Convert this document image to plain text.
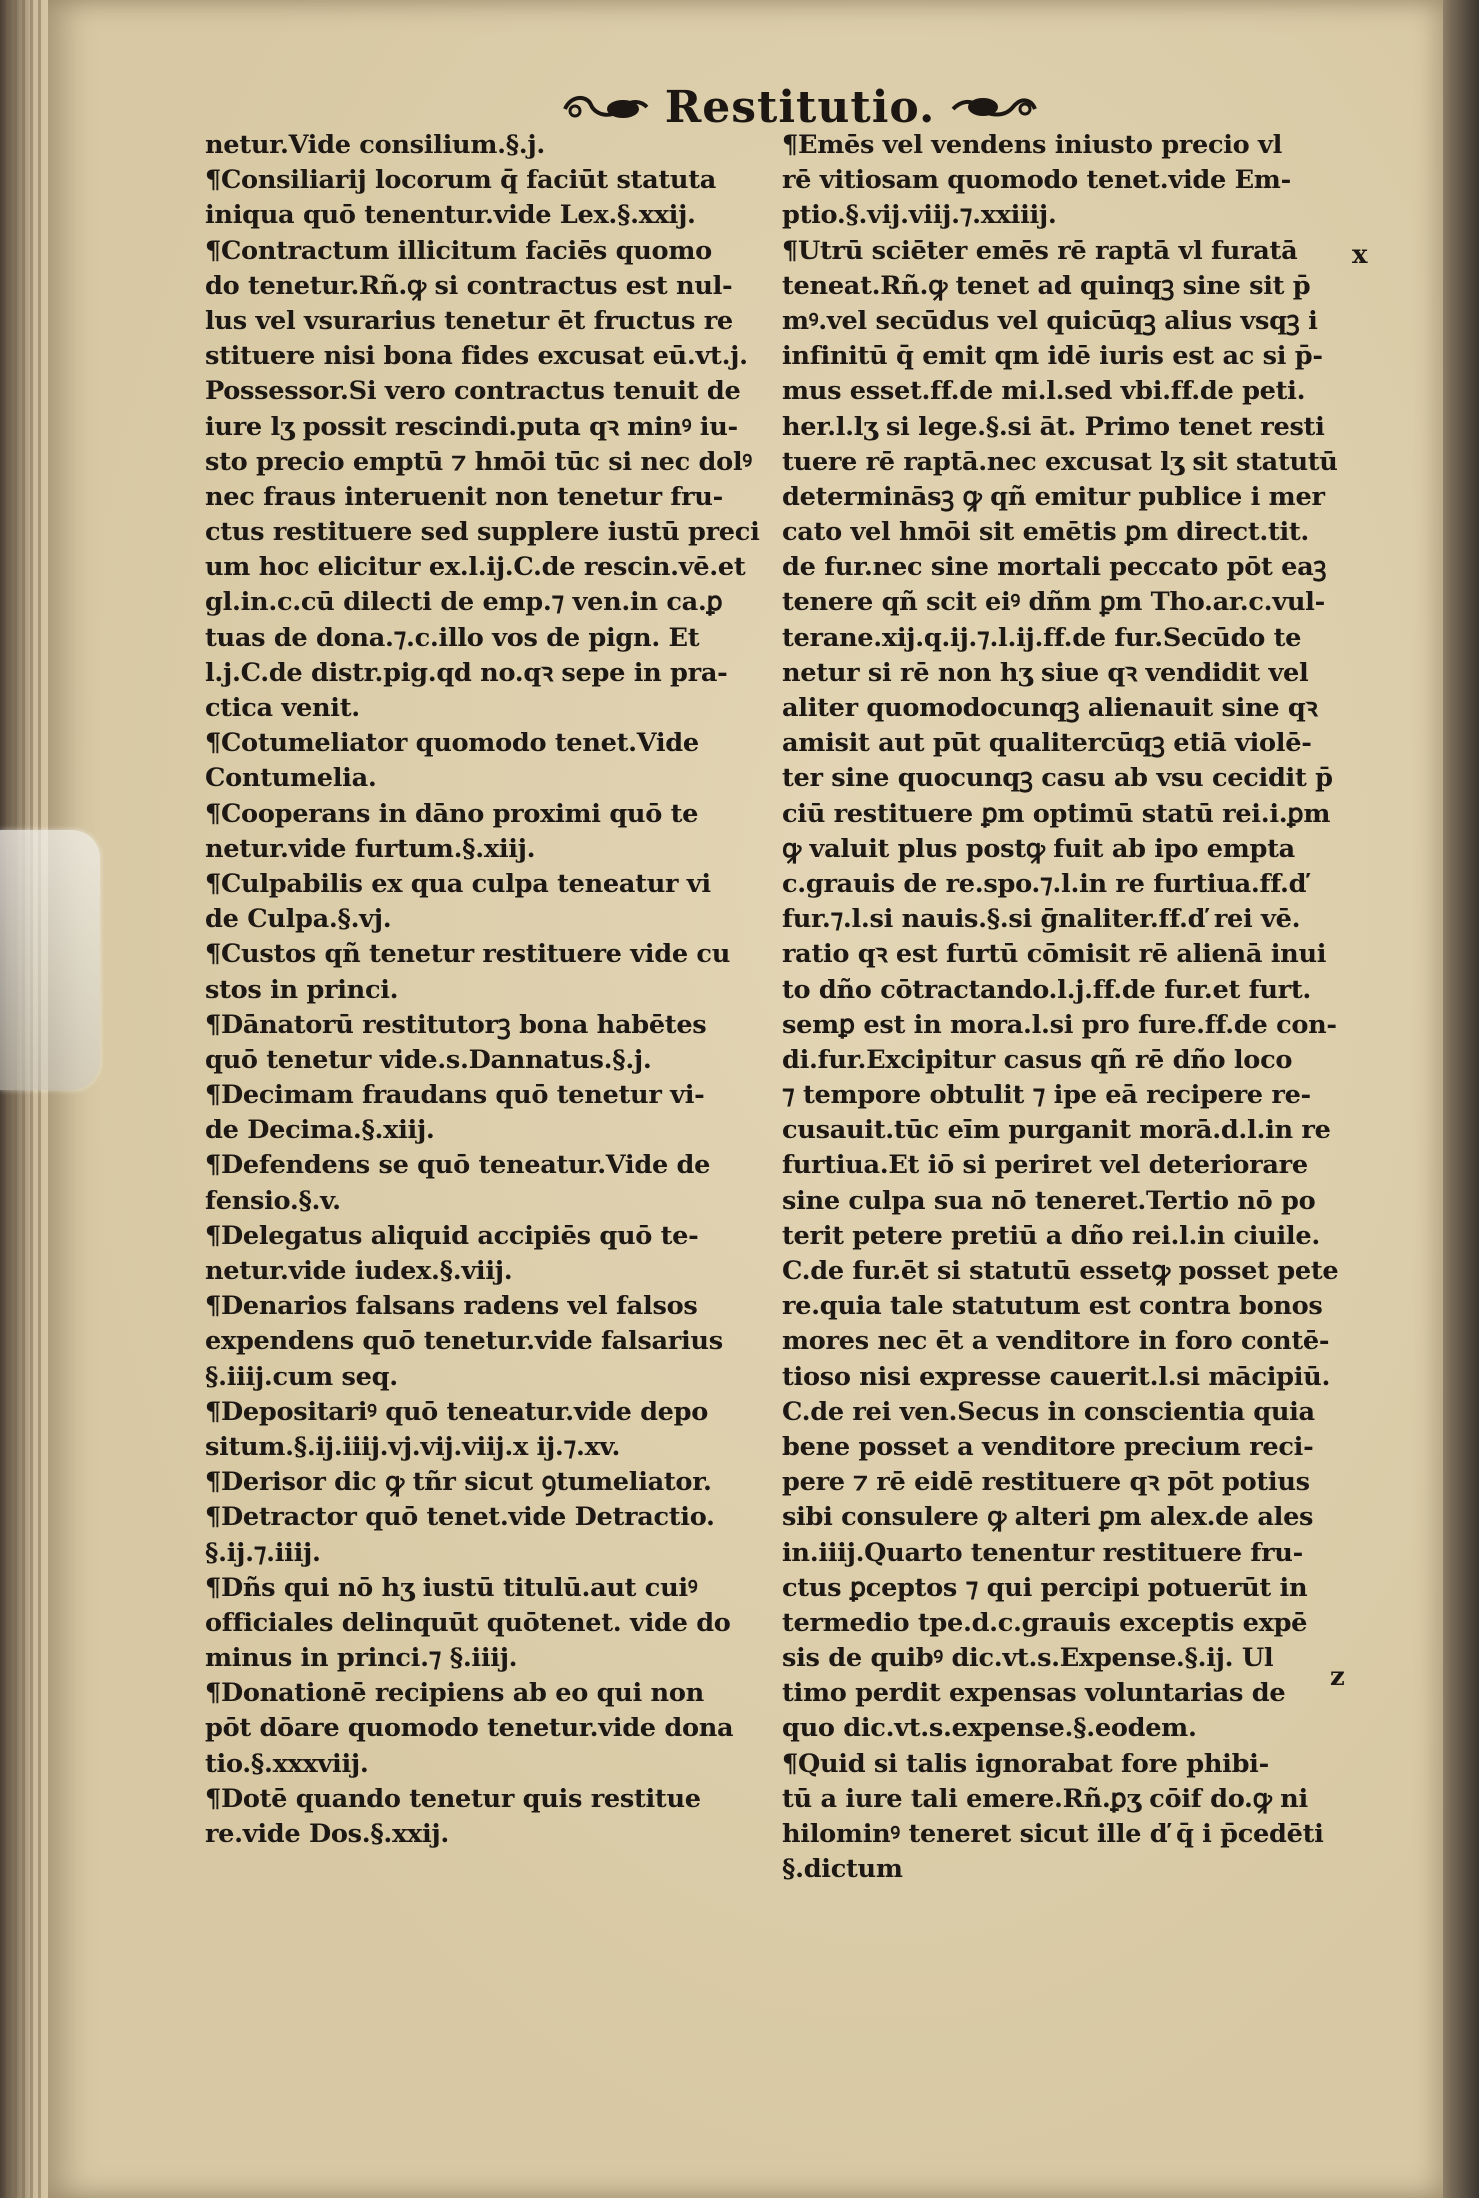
Restitutio.
netur.Vide consilium.§.j.
¶Consiliarij locorum q̄ faciūt statuta
iniqua quō tenentur.vide Lex.§.xxij.
¶Contractum illicitum faciēs quomo
do tenetur.Rñ.ꝙ si contractus est nul-
lus vel vsurarius tenetur ēt fructus re
stituere nisi bona fides excusat eū.vt.j.
Possessor.Si vero contractus tenuit de
iure lʒ possit rescindi.puta qꝛ minꝰ iu-
sto precio emptū ⁊ hmōi tūc si nec dolꝰ
nec fraus interuenit non tenetur fru-
ctus restituere sed supplere iustū preci
um hoc elicitur ex.l.ij.C.de rescin.vē.et
gl.in.c.cū dilecti de emp.⁊ ven.in ca.ꝑ
tuas de dona.⁊.c.illo vos de pign. Et
l.j.C.de distr.pig.qd no.qꝛ sepe in pra-
ctica venit.
¶Cotumeliator quomodo tenet.Vide
Contumelia.
¶Cooperans in dāno proximi quō te
netur.vide furtum.§.xiij.
¶Culpabilis ex qua culpa teneatur vi
de Culpa.§.vj.
¶Custos qñ tenetur restituere vide cu
stos in princi.
¶Dānatorū restitutorꝫ bona habētes
quō tenetur vide.s.Dannatus.§.j.
¶Decimam fraudans quō tenetur vi-
de Decima.§.xiij.
¶Defendens se quō teneatur.Vide de
fensio.§.v.
¶Delegatus aliquid accipiēs quō te-
netur.vide iudex.§.viij.
¶Denarios falsans radens vel falsos
expendens quō tenetur.vide falsarius
§.iiij.cum seq.
¶Depositariꝰ quō teneatur.vide depo
situm.§.ij.iiij.vj.vij.viij.x ij.⁊.xv.
¶Derisor dic ꝙ tñr sicut ꝯtumeliator.
¶Detractor quō tenet.vide Detractio.
§.ij.⁊.iiij.
¶Dñs qui nō hʒ iustū titulū.aut cuiꝰ
officiales delinquūt quōtenet. vide do
minus in princi.⁊ §.iiij.
¶Donationē recipiens ab eo qui non
pōt dōare quomodo tenetur.vide dona
tio.§.xxxviij.
¶Dotē quando tenetur quis restitue
re.vide Dos.§.xxij.
¶Emēs vel vendens iniusto precio vl
rē vitiosam quomodo tenet.vide Em-
ptio.§.vij.viij.⁊.xxiiij.
¶Utrū sciēter emēs rē raptā vl furatā
teneat.Rñ.ꝙ tenet ad quinqꝫ sine sit p̄
mꝰ.vel secūdus vel quicūqꝫ alius vsqꝫ i
infinitū q̄ emit qm idē iuris est ac si p̄-
mus esset.ff.de mi.l.sed vbi.ff.de peti.
her.l.lʒ si lege.§.si āt. Primo tenet resti
tuere rē raptā.nec excusat lʒ sit statutū
determināsꝫ ꝙ qñ emitur publice i mer
cato vel hmōi sit emētis ꝑm direct.tit.
de fur.nec sine mortali peccato pōt eaꝫ
tenere qñ scit eiꝰ dñm ꝑm Tho.ar.c.vul-
terane.xij.q.ij.⁊.l.ij.ff.de fur.Secūdo te
netur si rē non hʒ siue qꝛ vendidit vel
aliter quomodocunqꝫ alienauit sine qꝛ
amisit aut pūt qualitercūqꝫ etiā violē-
ter sine quocunqꝫ casu ab vsu cecidit p̄
ciū restituere ꝑm optimū statū rei.i.ꝑm
ꝙ valuit plus postꝙ fuit ab ipo empta
c.grauis de re.spo.⁊.l.in re furtiua.ff.ď
fur.⁊.l.si nauis.§.si ḡnaliter.ff.ď rei vē.
ratio qꝛ est furtū cōmisit rē alienā inui
to dño cōtractando.l.j.ff.de fur.et furt.
semꝑ est in mora.l.si pro fure.ff.de con-
di.fur.Excipitur casus qñ rē dño loco
⁊ tempore obtulit ⁊ ipe eā recipere re-
cusauit.tūc eīm purganit morā.d.l.in re
furtiua.Et iō si periret vel deteriorare
sine culpa sua nō teneret.Tertio nō po
terit petere pretiū a dño rei.l.in ciuile.
C.de fur.ēt si statutū essetꝙ posset pete
re.quia tale statutum est contra bonos
mores nec ēt a venditore in foro contē-
tioso nisi expresse cauerit.l.si mācipiū.
C.de rei ven.Secus in conscientia quia
bene posset a venditore precium reci-
pere ⁊ rē eidē restituere qꝛ pōt potius
sibi consulere ꝙ alteri ꝑm alex.de ales
in.iiij.Quarto tenentur restituere fru-
ctus ꝑceptos ⁊ qui percipi potuerūt in
termedio tpe.d.c.grauis exceptis expē
sis de quibꝰ dic.vt.s.Expense.§.ij. Ul
timo perdit expensas voluntarias de
quo dic.vt.s.expense.§.eodem.
¶Quid si talis ignorabat fore phibi-
tū a iure tali emere.Rñ.ꝑʒ cōif do.ꝙ ni
hilominꝰ teneret sicut ille ď q̄ i p̄cedēti
§.dictum
x
z
